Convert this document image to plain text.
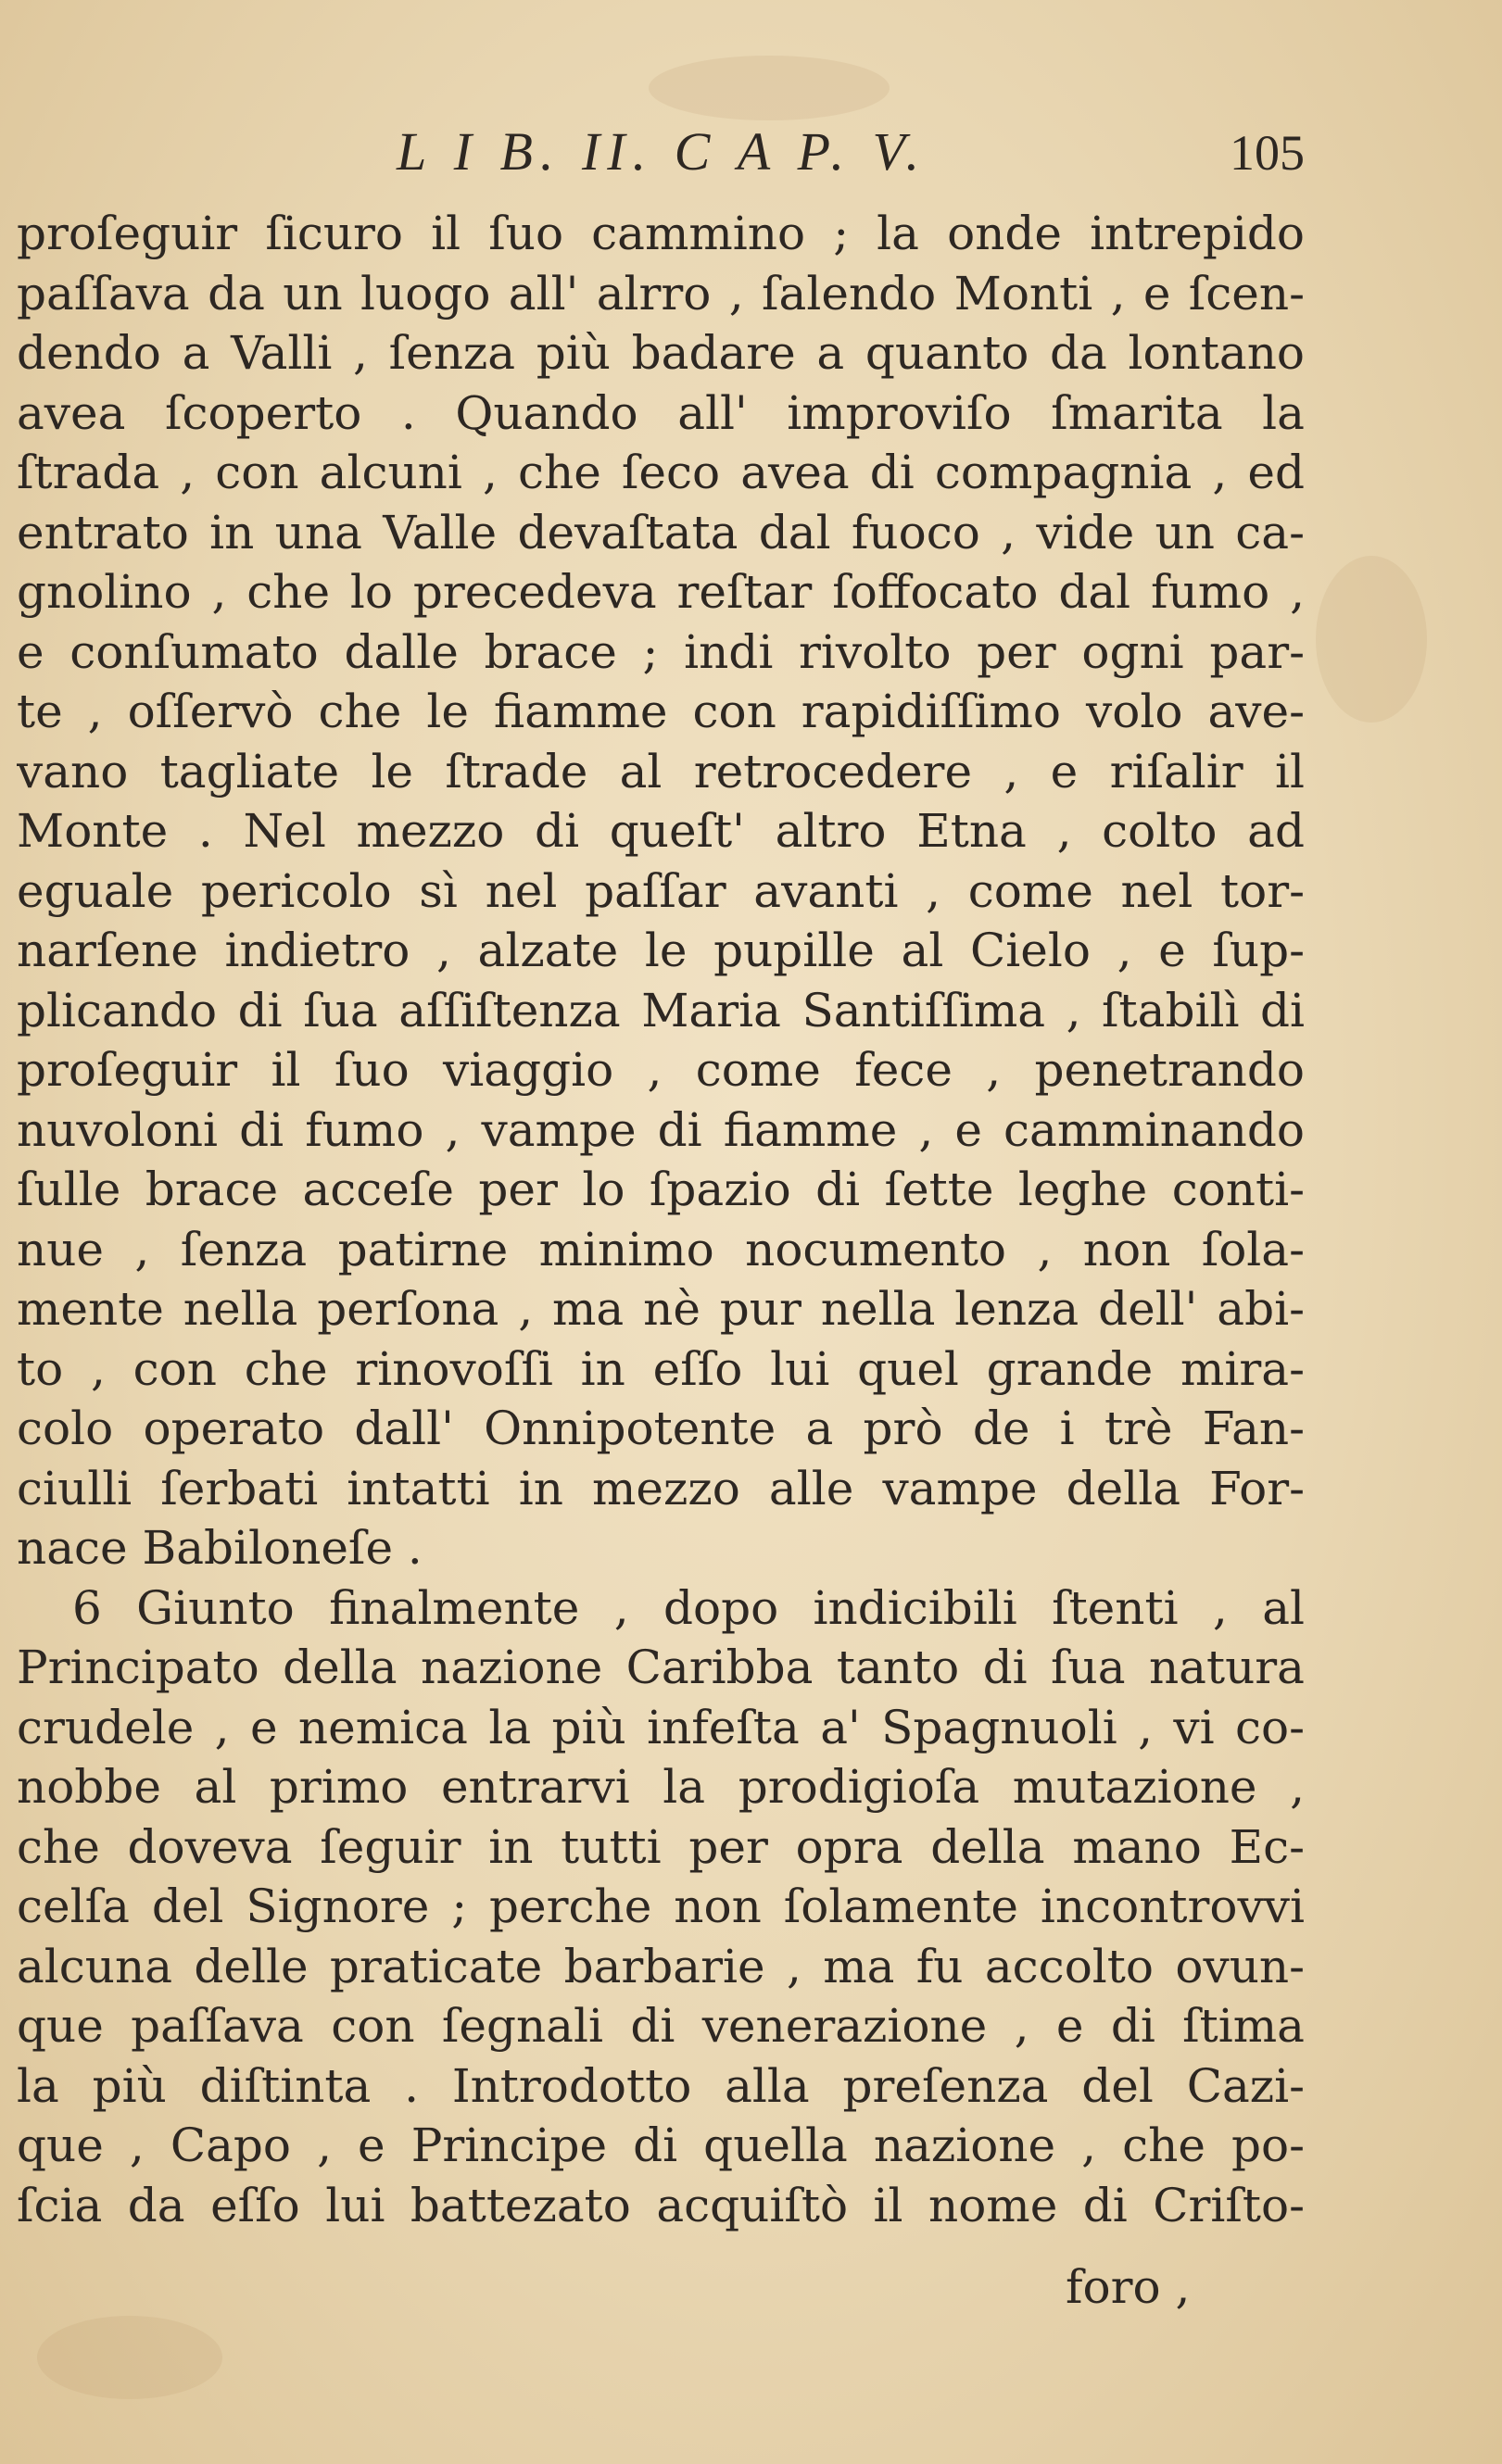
L I B. II. C A P. V.	105
proſeguir ſicuro il ſuo cammino ; la onde intrepido
paſſava da un luogo all' alrro , ſalendo Monti , e ſcen-
dendo a Valli , ſenza più badare a quanto da lontano
avea ſcoperto . Quando all' improviſo ſmarita la
ſtrada , con alcuni , che ſeco avea di compagnia , ed
entrato in una Valle devaſtata dal fuoco , vide un ca-
gnolino , che lo precedeva reſtar ſoffocato dal fumo ,
e conſumato dalle brace ; indi rivolto per ogni par-
te , oſſervò che le fiamme con rapidiſſimo volo ave-
vano tagliate le ſtrade al retrocedere , e riſalir il
Monte . Nel mezzo di queſt' altro Etna , colto ad
eguale pericolo sì nel paſſar avanti , come nel tor-
narſene indietro , alzate le pupille al Cielo , e ſup-
plicando di ſua aſſiſtenza Maria Santiſſima , ſtabilì di
proſeguir il ſuo viaggio , come fece , penetrando
nuvoloni di fumo , vampe di fiamme , e camminando
ſulle brace acceſe per lo ſpazio di ſette leghe conti-
nue , ſenza patirne minimo nocumento , non ſola-
mente nella perſona , ma nè pur nella lenza dell' abi-
to , con che rinovoſſi in eſſo lui quel grande mira-
colo operato dall' Onnipotente a prò de i trè Fan-
ciulli ſerbati intatti in mezzo alle vampe della For-
nace Babiloneſe .
6 Giunto finalmente , dopo indicibili ſtenti , al
Principato della nazione Caribba tanto di ſua natura
crudele , e nemica la più infeſta a' Spagnuoli , vi co-
nobbe al primo entrarvi la prodigioſa mutazione ,
che doveva ſeguir in tutti per opra della mano Ec-
celſa del Signore ; perche non ſolamente incontrovvi
alcuna delle praticate barbarie , ma fu accolto ovun-
que paſſava con ſegnali di venerazione , e di ſtima
la più diſtinta . Introdotto alla preſenza del Cazi-
que , Capo , e Principe di quella nazione , che po-
ſcia da eſſo lui battezato acquiſtò il nome di Criſto-
foro ,
